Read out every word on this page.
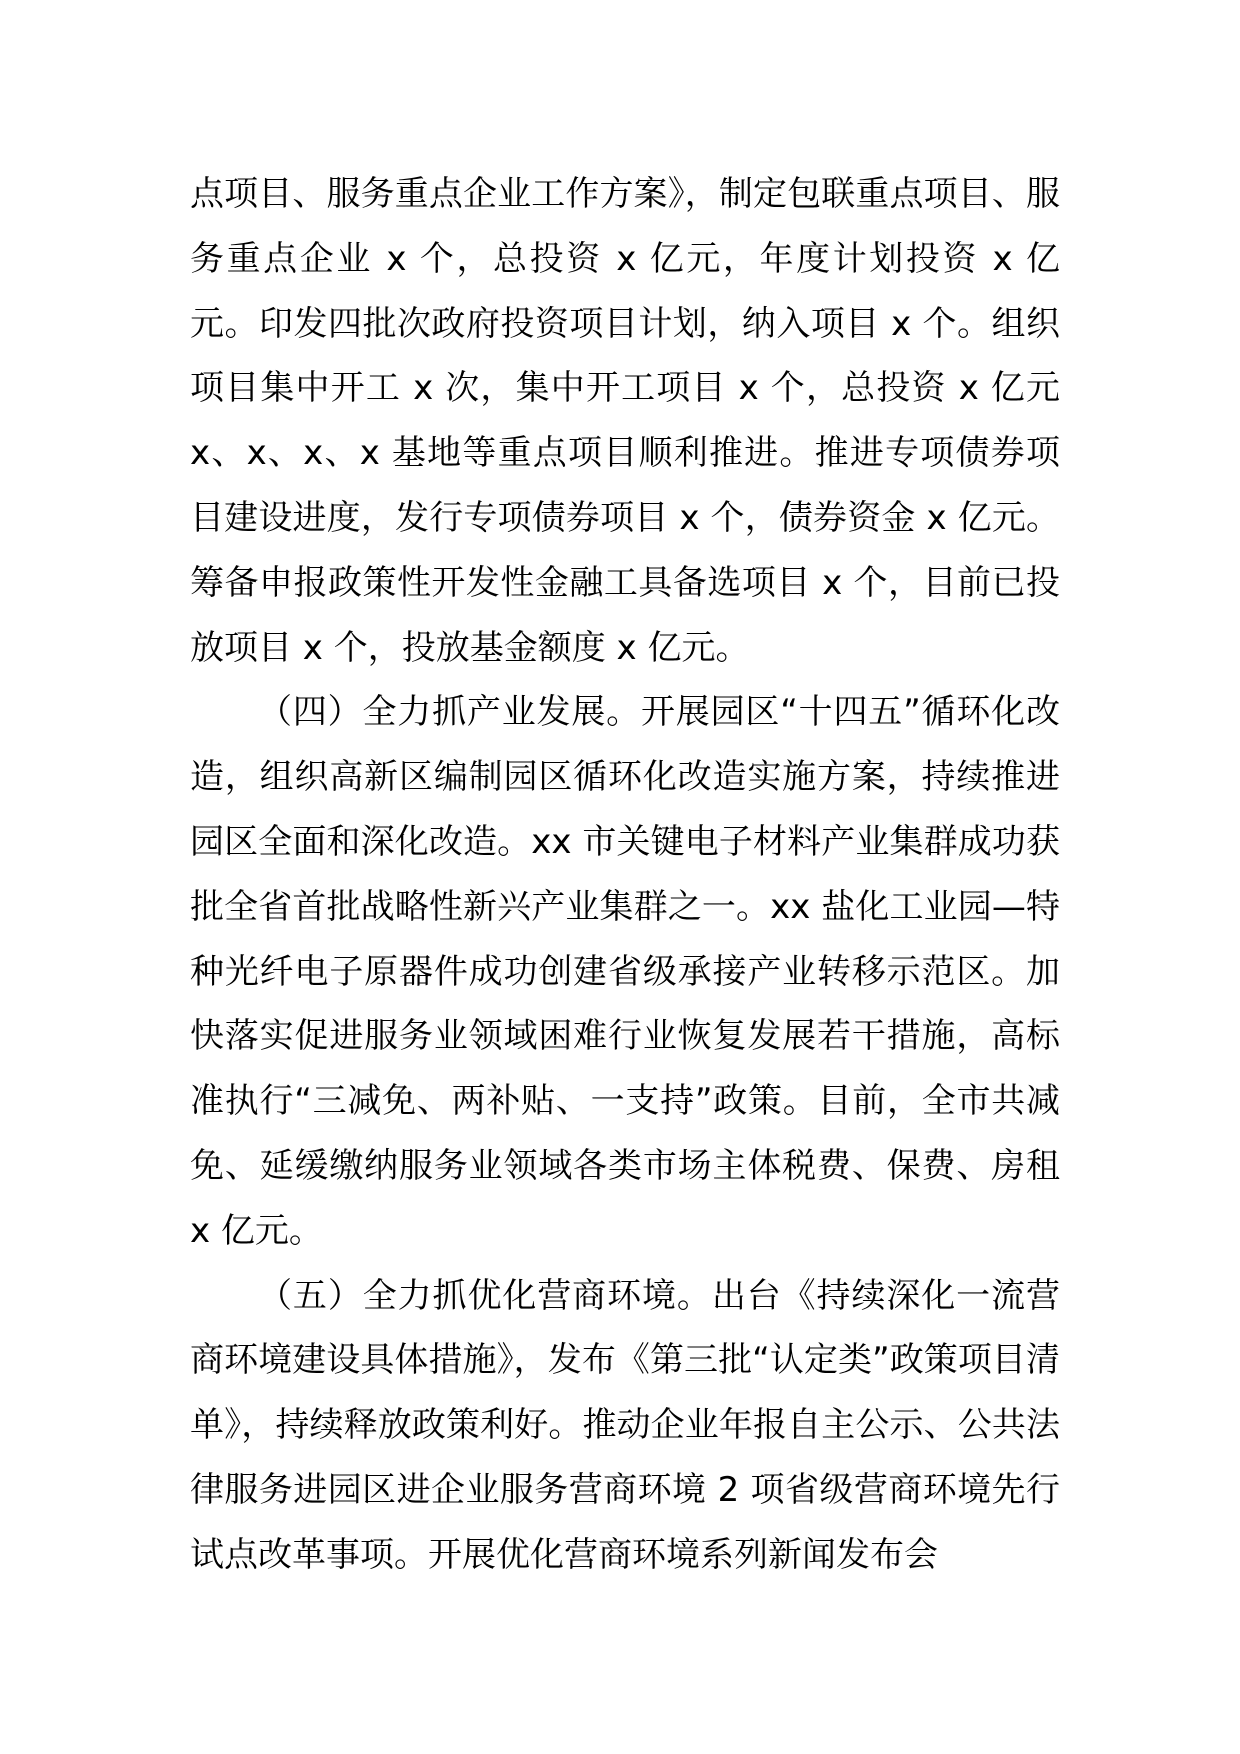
点项目、服务重点企业工作方案》，制定包联重点项目、服务重点企业 x 个，总投资 x 亿元，年度计划投资 x 亿元。印发四批次政府投资项目计划，纳入项目 x 个。组织项目集中开工 x 次，集中开工项目 x 个，总投资 x 亿元 x、x、x、x 基地等重点项目顺利推进。推进专项债券项目建设进度，发行专项债券项目 x 个，债券资金 x 亿元。筹备申报政策性开发性金融工具备选项目 x 个，目前已投放项目 x 个，投放基金额度 x 亿元。

（四）全力抓产业发展。开展园区“十四五”循环化改造，组织高新区编制园区循环化改造实施方案，持续推进园区全面和深化改造。xx 市关键电子材料产业集群成功获批全省首批战略性新兴产业集群之一。xx 盐化工业园—特种光纤电子原器件成功创建省级承接产业转移示范区。加快落实促进服务业领域困难行业恢复发展若干措施，高标准执行“三减免、两补贴、一支持”政策。目前，全市共减免、延缓缴纳服务业领域各类市场主体税费、保费、房租 x 亿元。

（五）全力抓优化营商环境。出台《持续深化一流营商环境建设具体措施》，发布《第三批“认定类”政策项目清单》，持续释放政策利好。推动企业年报自主公示、公共法律服务进园区进企业服务营商环境 2 项省级营商环境先行试点改革事项。开展优化营商环境系列新闻发布会
